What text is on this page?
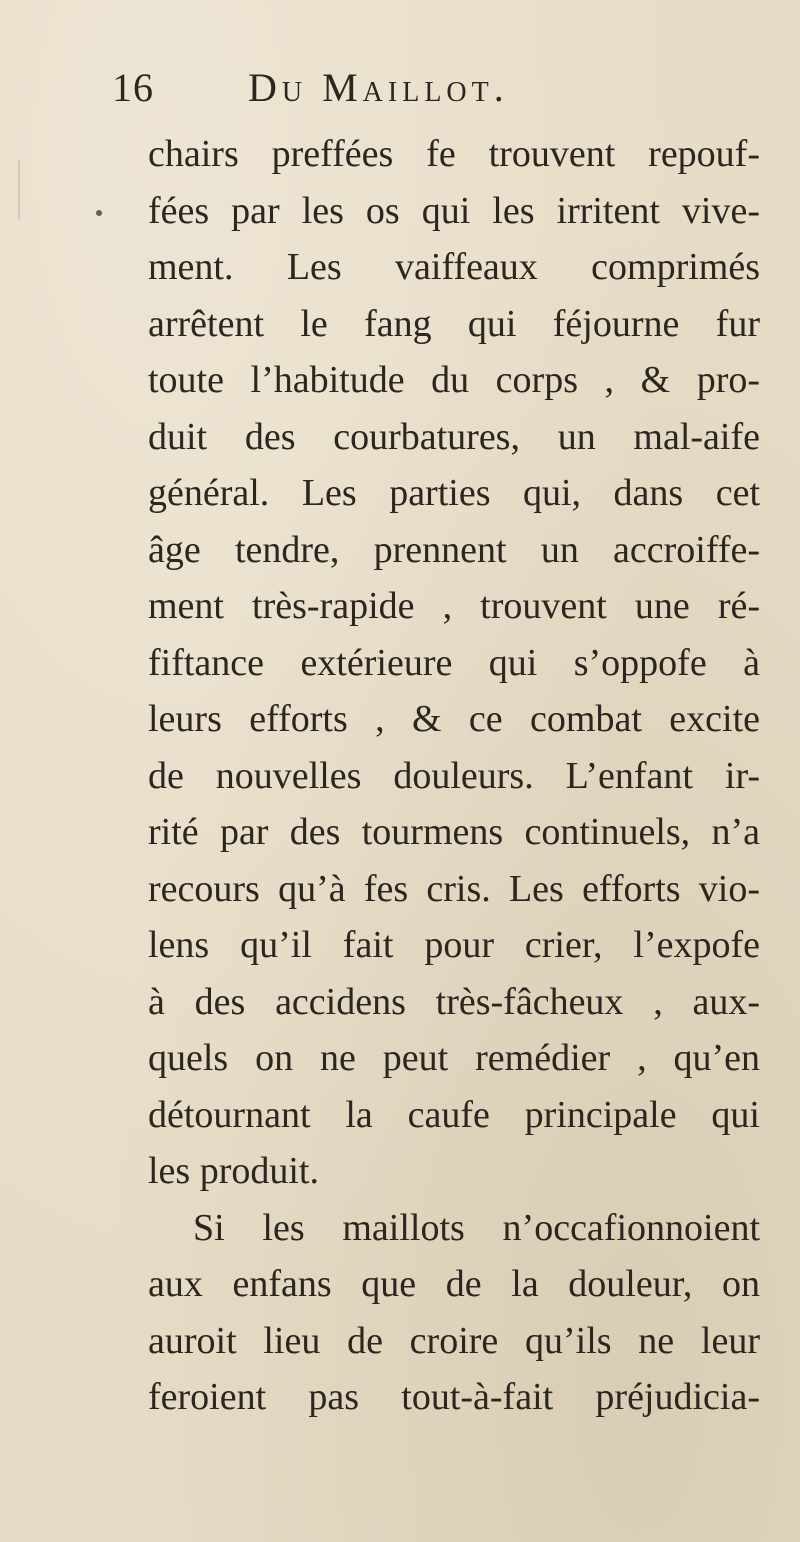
16 Du Maillot.
chairs preffées fe trouvent repouf-
fées par les os qui les irritent vive-
ment. Les vaiffeaux comprimés
arrêtent le fang qui féjourne fur
toute l’habitude du corps , & pro-
duit des courbatures, un mal-aife
général. Les parties qui, dans cet
âge tendre, prennent un accroiffe-
ment très-rapide , trouvent une ré-
fiftance extérieure qui s’oppofe à
leurs efforts , & ce combat excite
de nouvelles douleurs. L’enfant ir-
rité par des tourmens continuels, n’a
recours qu’à fes cris. Les efforts vio-
lens qu’il fait pour crier, l’expofe
à des accidens très-fâcheux , aux-
quels on ne peut remédier , qu’en
détournant la caufe principale qui
les produit.
Si les maillots n’occafionnoient
aux enfans que de la douleur, on
auroit lieu de croire qu’ils ne leur
feroient pas tout-à-fait préjudicia-
